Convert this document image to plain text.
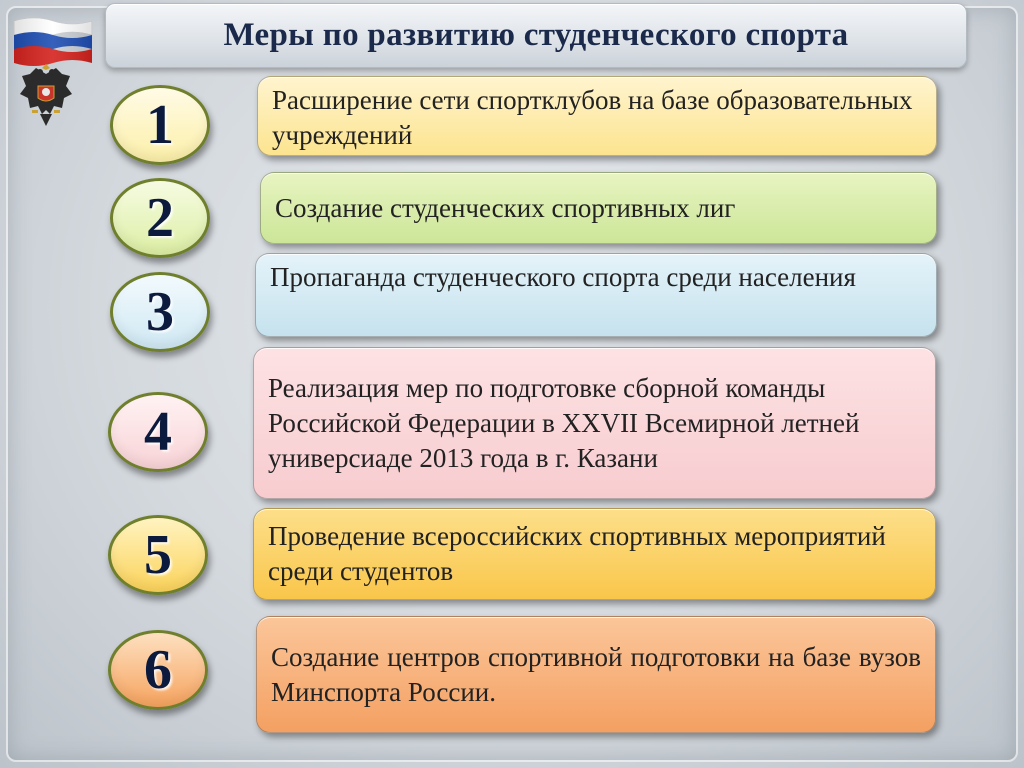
Меры по развитию студенческого спорта
1
2
3
4
5
6
Расширение сети спортклубов на базе образовательных учреждений
Создание студенческих спортивных лиг
Пропаганда студенческого спорта среди населения
Реализация мер по подготовке сборной команды Российской Федерации в XXVII Всемирной летней универсиаде 2013 года в г. Казани
Проведение всероссийских спортивных мероприятий среди студентов
Создание центров спортивной подготовки на базе вузов Минспорта России.
